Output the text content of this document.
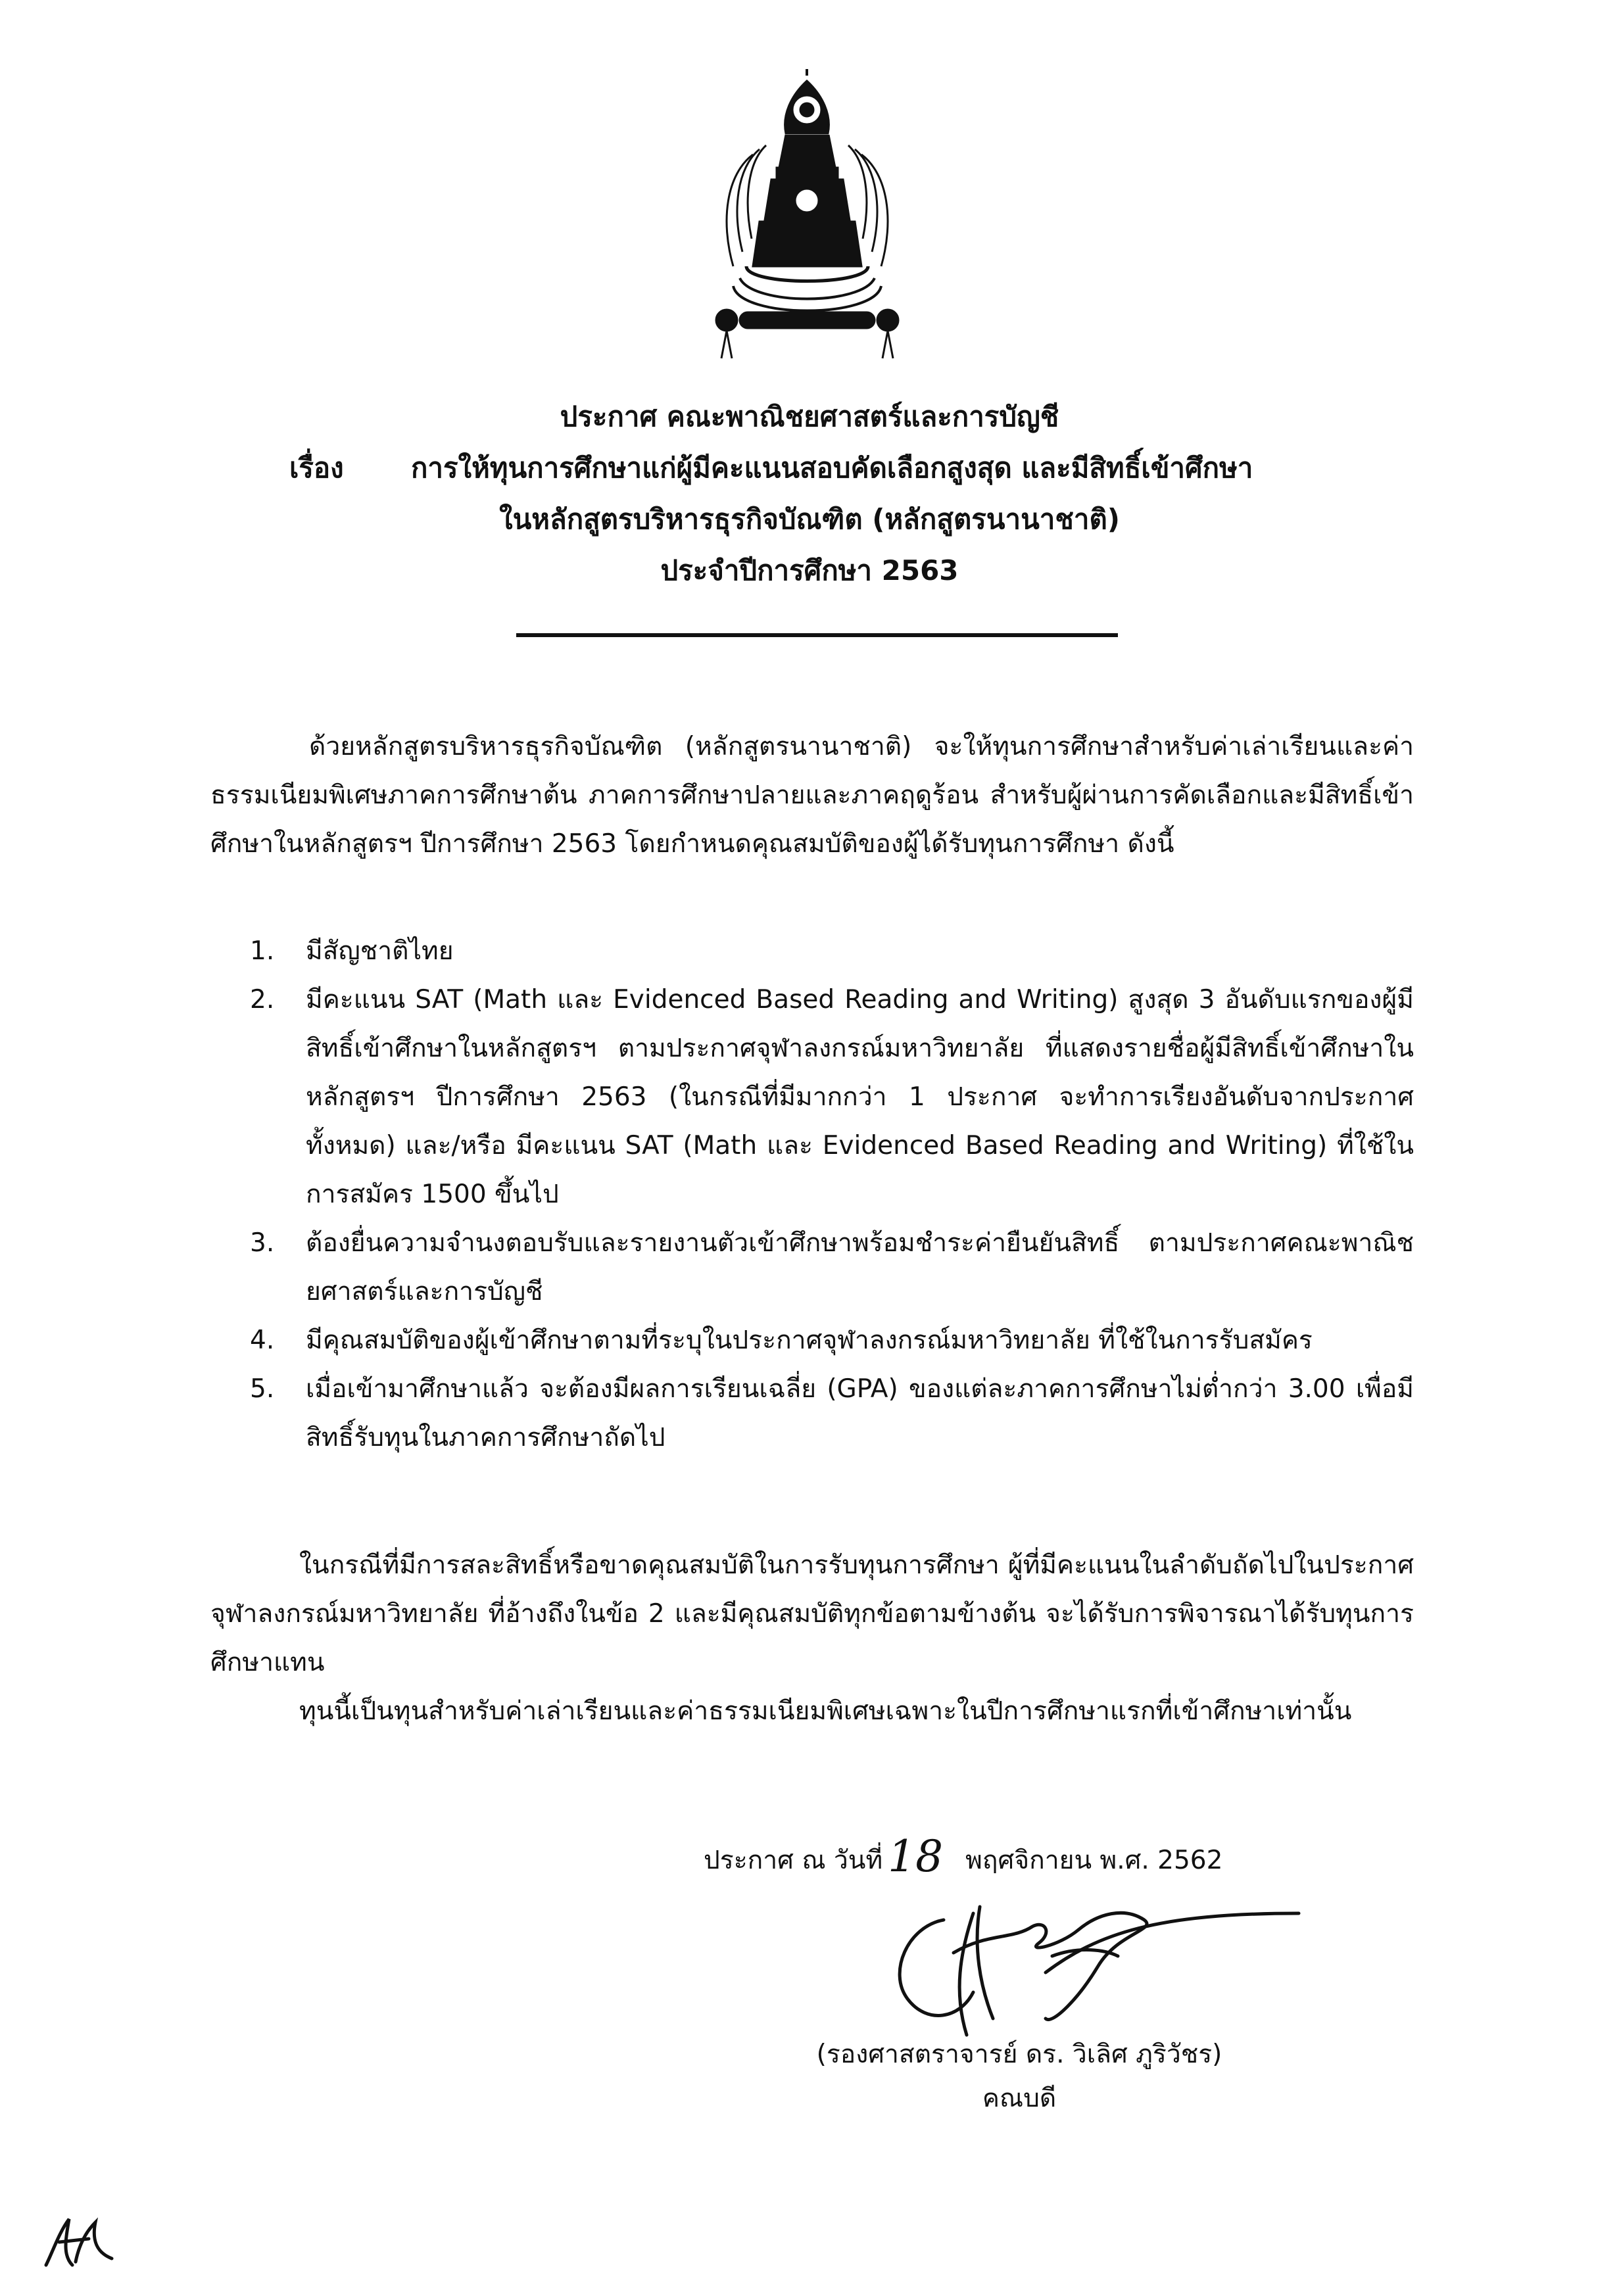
ประกาศ คณะพาณิชยศาสตร์และการบัญชี
เรื่อง การให้ทุนการศึกษาแก่ผู้มีคะแนนสอบคัดเลือกสูงสุด และมีสิทธิ์เข้าศึกษา
ในหลักสูตรบริหารธุรกิจบัณฑิต (หลักสูตรนานาชาติ)
ประจำปีการศึกษา 2563

ด้วยหลักสูตรบริหารธุรกิจบัณฑิต (หลักสูตรนานาชาติ) จะให้ทุนการศึกษาสำหรับค่าเล่าเรียนและค่าธรรมเนียมพิเศษภาคการศึกษาต้น ภาคการศึกษาปลายและภาคฤดูร้อน สำหรับผู้ผ่านการคัดเลือกและมีสิทธิ์เข้าศึกษาในหลักสูตรฯ ปีการศึกษา 2563 โดยกำหนดคุณสมบัติของผู้ได้รับทุนการศึกษา ดังนี้

1. มีสัญชาติไทย
2. มีคะแนน SAT (Math และ Evidenced Based Reading and Writing) สูงสุด 3 อันดับแรกของผู้มีสิทธิ์เข้าศึกษาในหลักสูตรฯ ตามประกาศจุฬาลงกรณ์มหาวิทยาลัย ที่แสดงรายชื่อผู้มีสิทธิ์เข้าศึกษาในหลักสูตรฯ ปีการศึกษา 2563 (ในกรณีที่มีมากกว่า 1 ประกาศ จะทำการเรียงอันดับจากประกาศทั้งหมด) และ/หรือ มีคะแนน SAT (Math และ Evidenced Based Reading and Writing) ที่ใช้ในการสมัคร 1500 ขึ้นไป
3. ต้องยื่นความจำนงตอบรับและรายงานตัวเข้าศึกษาพร้อมชำระค่ายืนยันสิทธิ์ ตามประกาศคณะพาณิชยศาสตร์และการบัญชี
4. มีคุณสมบัติของผู้เข้าศึกษาตามที่ระบุในประกาศจุฬาลงกรณ์มหาวิทยาลัย ที่ใช้ในการรับสมัคร
5. เมื่อเข้ามาศึกษาแล้ว จะต้องมีผลการเรียนเฉลี่ย (GPA) ของแต่ละภาคการศึกษาไม่ต่ำกว่า 3.00 เพื่อมีสิทธิ์รับทุนในภาคการศึกษาถัดไป

ในกรณีที่มีการสละสิทธิ์หรือขาดคุณสมบัติในการรับทุนการศึกษา ผู้ที่มีคะแนนในลำดับถัดไปในประกาศจุฬาลงกรณ์มหาวิทยาลัย ที่อ้างถึงในข้อ 2 และมีคุณสมบัติทุกข้อตามข้างต้น จะได้รับการพิจารณาได้รับทุนการศึกษาแทน

ทุนนี้เป็นทุนสำหรับค่าเล่าเรียนและค่าธรรมเนียมพิเศษเฉพาะในปีการศึกษาแรกที่เข้าศึกษาเท่านั้น

ประกาศ ณ วันที่ 18 พฤศจิกายน พ.ศ. 2562
(รองศาสตราจารย์ ดร. วิเลิศ ภูริวัชร)
คณบดี
